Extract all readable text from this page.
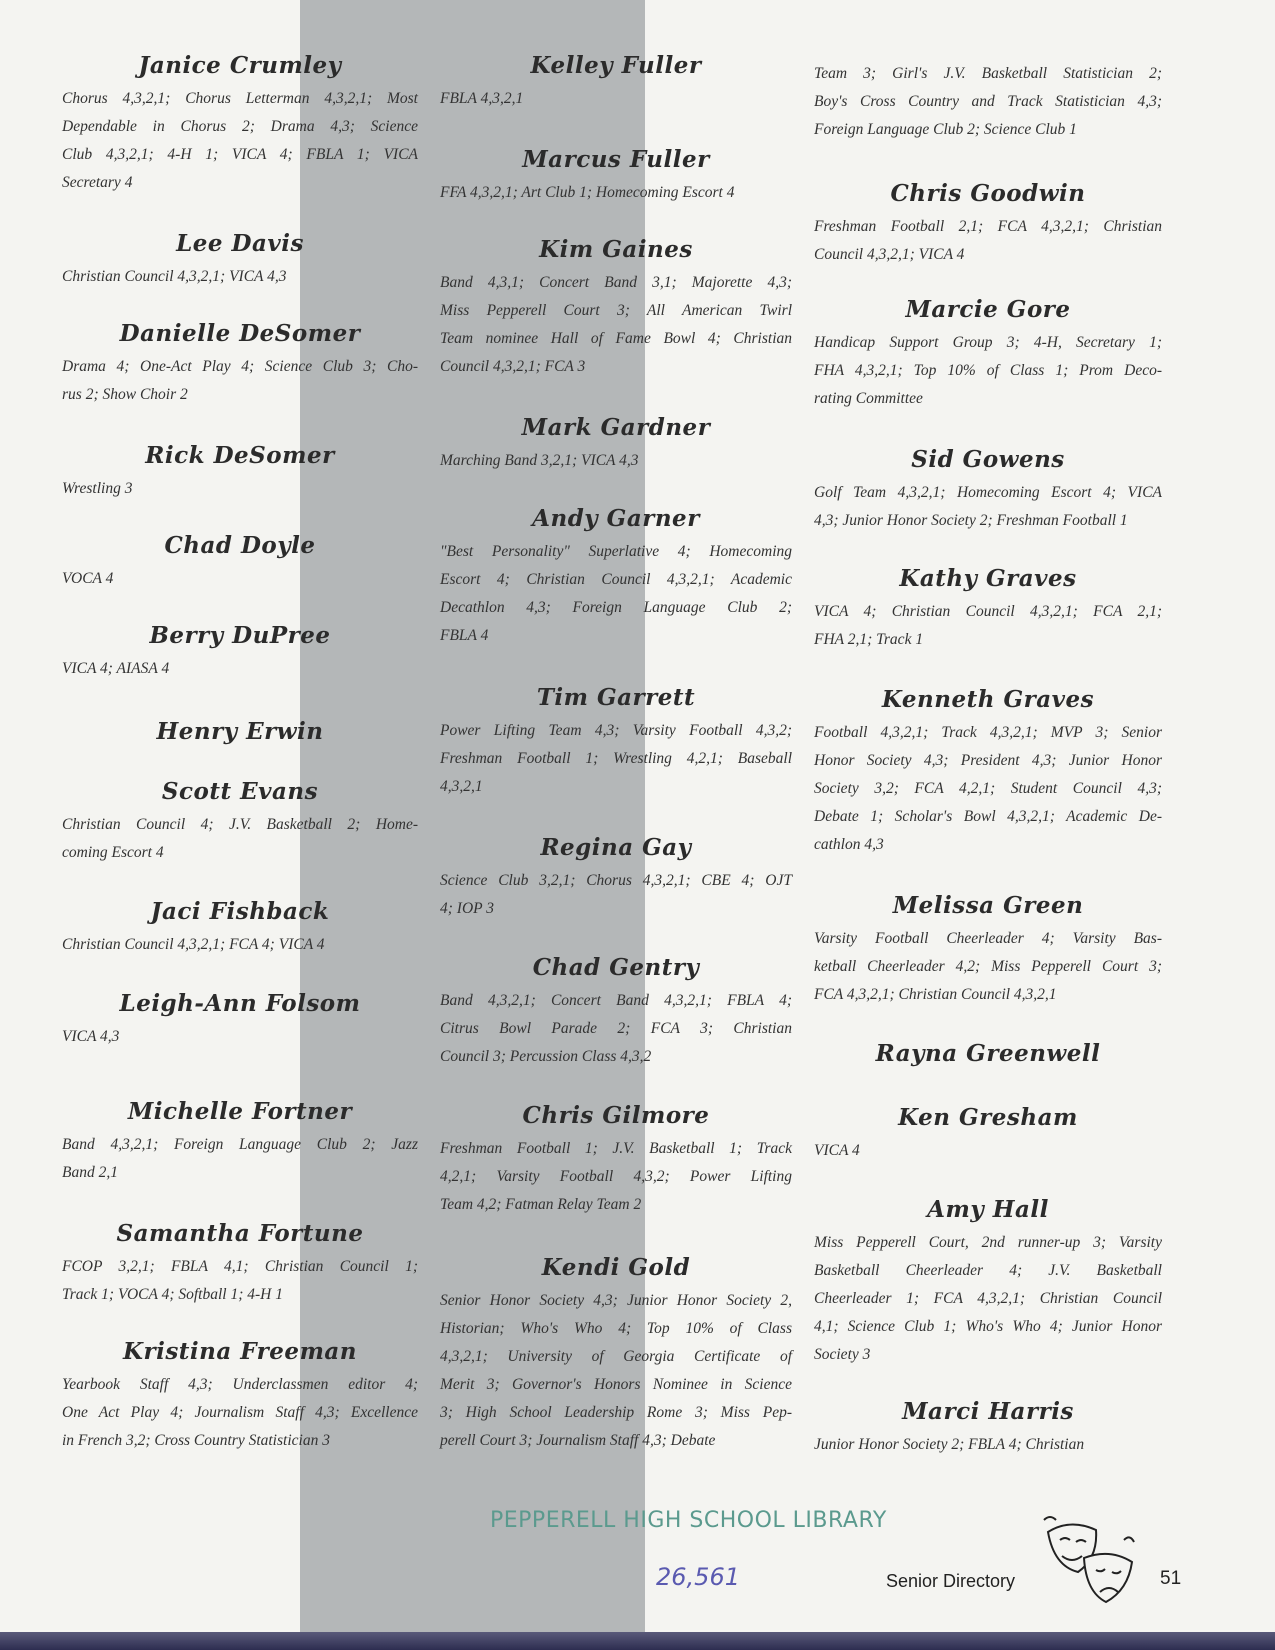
Janice Crumley
Chorus 4,3,2,1; Chorus Letterman 4,3,2,1; Most
Dependable in Chorus 2; Drama 4,3; Science
Club 4,3,2,1; 4-H 1; VICA 4; FBLA 1; VICA
Secretary 4
Lee Davis
Christian Council 4,3,2,1; VICA 4,3
Danielle DeSomer
Drama 4; One-Act Play 4; Science Club 3; Cho-
rus 2; Show Choir 2
Rick DeSomer
Wrestling 3
Chad Doyle
VOCA 4
Berry DuPree
VICA 4; AIASA 4
Henry Erwin
Scott Evans
Christian Council 4; J.V. Basketball 2; Home-
coming Escort 4
Jaci Fishback
Christian Council 4,3,2,1; FCA 4; VICA 4
Leigh-Ann Folsom
VICA 4,3
Michelle Fortner
Band 4,3,2,1; Foreign Language Club 2; Jazz
Band 2,1
Samantha Fortune
FCOP 3,2,1; FBLA 4,1; Christian Council 1;
Track 1; VOCA 4; Softball 1; 4-H 1
Kristina Freeman
Yearbook Staff 4,3; Underclassmen editor 4;
One Act Play 4; Journalism Staff 4,3; Excellence
in French 3,2; Cross Country Statistician 3
Kelley Fuller
FBLA 4,3,2,1
Marcus Fuller
FFA 4,3,2,1; Art Club 1; Homecoming Escort 4
Kim Gaines
Band 4,3,1; Concert Band 3,1; Majorette 4,3;
Miss Pepperell Court 3; All American Twirl
Team nominee Hall of Fame Bowl 4; Christian
Council 4,3,2,1; FCA 3
Mark Gardner
Marching Band 3,2,1; VICA 4,3
Andy Garner
"Best Personality" Superlative 4; Homecoming
Escort 4; Christian Council 4,3,2,1; Academic
Decathlon 4,3; Foreign Language Club 2;
FBLA 4
Tim Garrett
Power Lifting Team 4,3; Varsity Football 4,3,2;
Freshman Football 1; Wrestling 4,2,1; Baseball
4,3,2,1
Regina Gay
Science Club 3,2,1; Chorus 4,3,2,1; CBE 4; OJT
4; IOP 3
Chad Gentry
Band 4,3,2,1; Concert Band 4,3,2,1; FBLA 4;
Citrus Bowl Parade 2; FCA 3; Christian
Council 3; Percussion Class 4,3,2
Chris Gilmore
Freshman Football 1; J.V. Basketball 1; Track
4,2,1; Varsity Football 4,3,2; Power Lifting
Team 4,2; Fatman Relay Team 2
Kendi Gold
Senior Honor Society 4,3; Junior Honor Society 2,
Historian; Who's Who 4; Top 10% of Class
4,3,2,1; University of Georgia Certificate of
Merit 3; Governor's Honors Nominee in Science
3; High School Leadership Rome 3; Miss Pep-
perell Court 3; Journalism Staff 4,3; Debate
Team 3; Girl's J.V. Basketball Statistician 2;
Boy's Cross Country and Track Statistician 4,3;
Foreign Language Club 2; Science Club 1
Chris Goodwin
Freshman Football 2,1; FCA 4,3,2,1; Christian
Council 4,3,2,1; VICA 4
Marcie Gore
Handicap Support Group 3; 4-H, Secretary 1;
FHA 4,3,2,1; Top 10% of Class 1; Prom Deco-
rating Committee
Sid Gowens
Golf Team 4,3,2,1; Homecoming Escort 4; VICA
4,3; Junior Honor Society 2; Freshman Football 1
Kathy Graves
VICA 4; Christian Council 4,3,2,1; FCA 2,1;
FHA 2,1; Track 1
Kenneth Graves
Football 4,3,2,1; Track 4,3,2,1; MVP 3; Senior
Honor Society 4,3; President 4,3; Junior Honor
Society 3,2; FCA 4,2,1; Student Council 4,3;
Debate 1; Scholar's Bowl 4,3,2,1; Academic De-
cathlon 4,3
Melissa Green
Varsity Football Cheerleader 4; Varsity Bas-
ketball Cheerleader 4,2; Miss Pepperell Court 3;
FCA 4,3,2,1; Christian Council 4,3,2,1
Rayna Greenwell
Ken Gresham
VICA 4
Amy Hall
Miss Pepperell Court, 2nd runner-up 3; Varsity
Basketball Cheerleader 4; J.V. Basketball
Cheerleader 1; FCA 4,3,2,1; Christian Council
4,1; Science Club 1; Who's Who 4; Junior Honor
Society 3
Marci Harris
Junior Honor Society 2; FBLA 4; Christian
PEPPERELL HIGH SCHOOL LIBRARY
26,561	Senior Directory	51
